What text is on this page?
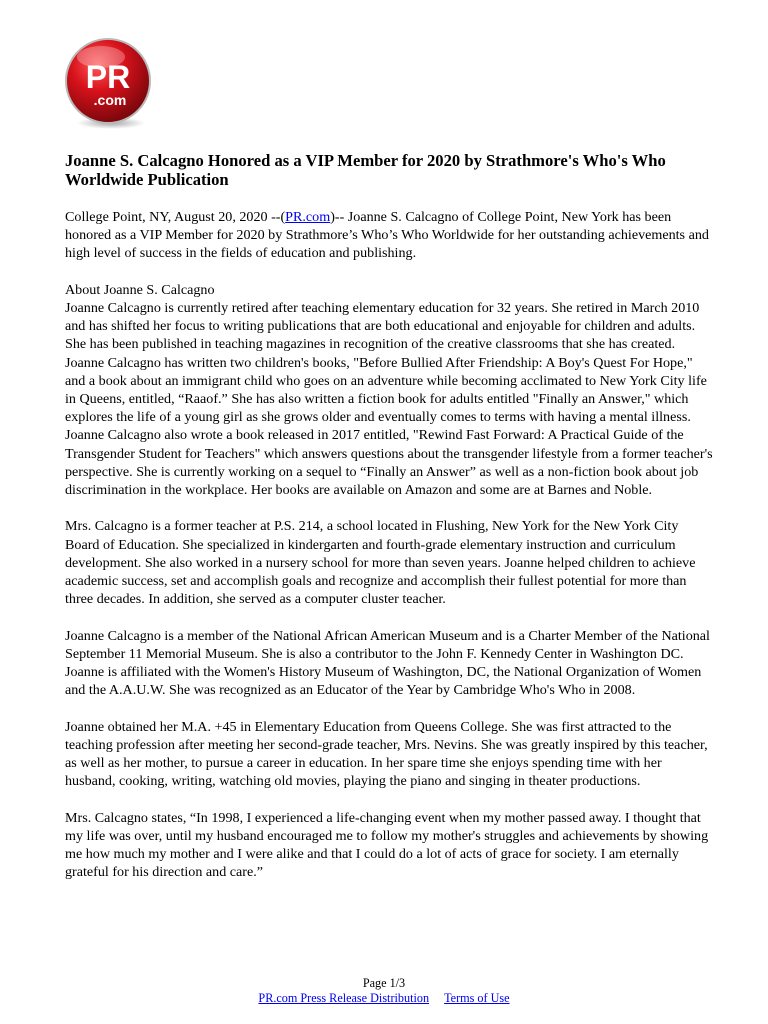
PR
.com
Joanne S. Calcagno Honored as a VIP Member for 2020 by Strathmore's Who's Who Worldwide Publication
College Point, NY, August 20, 2020 --(PR.com)-- Joanne S. Calcagno of College Point, New York has been honored as a VIP Member for 2020 by Strathmore’s Who’s Who Worldwide for her outstanding achievements and high level of success in the fields of education and publishing.
About Joanne S. Calcagno
Joanne Calcagno is currently retired after teaching elementary education for 32 years. She retired in March 2010 and has shifted her focus to writing publications that are both educational and enjoyable for children and adults. She has been published in teaching magazines in recognition of the creative classrooms that she has created. Joanne Calcagno has written two children's books, "Before Bullied After Friendship: A Boy's Quest For Hope," and a book about an immigrant child who goes on an adventure while becoming acclimated to New York City life in Queens, entitled, “Raaof.” She has also written a fiction book for adults entitled "Finally an Answer," which explores the life of a young girl as she grows older and eventually comes to terms with having a mental illness. Joanne Calcagno also wrote a book released in 2017 entitled, "Rewind Fast Forward: A Practical Guide of the Transgender Student for Teachers" which answers questions about the transgender lifestyle from a former teacher's perspective. She is currently working on a sequel to “Finally an Answer” as well as a non-fiction book about job discrimination in the workplace. Her books are available on Amazon and some are at Barnes and Noble.
Mrs. Calcagno is a former teacher at P.S. 214, a school located in Flushing, New York for the New York City Board of Education. She specialized in kindergarten and fourth-grade elementary instruction and curriculum development. She also worked in a nursery school for more than seven years. Joanne helped children to achieve academic success, set and accomplish goals and recognize and accomplish their fullest potential for more than three decades. In addition, she served as a computer cluster teacher.
Joanne Calcagno is a member of the National African American Museum and is a Charter Member of the National September 11 Memorial Museum. She is also a contributor to the John F. Kennedy Center in Washington DC. Joanne is affiliated with the Women's History Museum of Washington, DC, the National Organization of Women and the A.A.U.W. She was recognized as an Educator of the Year by Cambridge Who's Who in 2008.
Joanne obtained her M.A. +45 in Elementary Education from Queens College. She was first attracted to the teaching profession after meeting her second-grade teacher, Mrs. Nevins. She was greatly inspired by this teacher, as well as her mother, to pursue a career in education. In her spare time she enjoys spending time with her husband, cooking, writing, watching old movies, playing the piano and singing in theater productions.
Mrs. Calcagno states, “In 1998, I experienced a life-changing event when my mother passed away. I thought that my life was over, until my husband encouraged me to follow my mother's struggles and achievements by showing me how much my mother and I were alike and that I could do a lot of acts of grace for society. I am eternally grateful for his direction and care.”
Page 1/3
PR.com Press Release Distribution Terms of Use
